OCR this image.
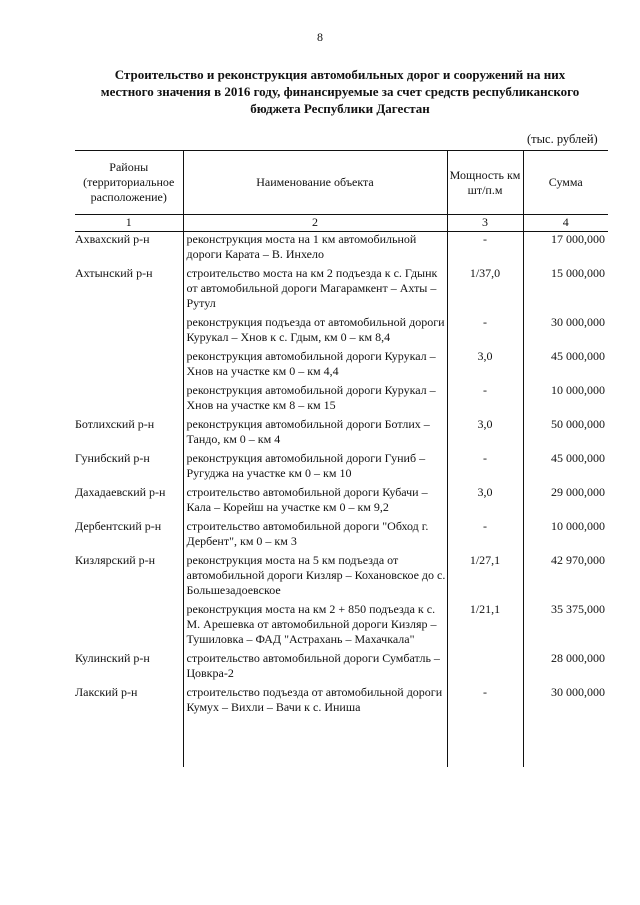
8
Строительство и реконструкция автомобильных дорог и сооружений на них
местного значения в 2016 году, финансируемые за счет средств республиканского
бюджета Республики Дагестан
(тыс. рублей)
Районы (территориальное расположение)	Наименование объекта	Мощность км шт/п.м	Сумма
1	2	3	4
Ахвахский р-н	реконструкция моста на 1 км автомобильной дороги Карата – В. Инхело	-	17 000,000
Ахтынский р-н	строительство моста на км 2 подъезда к с. Гдынк от автомобильной дороги Магарамкент – Ахты – Рутул	1/37,0	15 000,000
	реконструкция подъезда от автомобильной дороги Курукал – Хнов к с. Гдым, км 0 – км 8,4	-	30 000,000
	реконструкция автомобильной дороги Курукал – Хнов на участке км 0 – км 4,4	3,0	45 000,000
	реконструкция автомобильной дороги Курукал – Хнов на участке км 8 – км 15	-	10 000,000
Ботлихский р-н	реконструкция автомобильной дороги Ботлих – Тандо, км 0 – км 4	3,0	50 000,000
Гунибский р-н	реконструкция автомобильной дороги Гуниб – Ругуджа на участке км 0 – км 10	-	45 000,000
Дахадаевский р-н	строительство автомобильной дороги Кубачи – Кала – Корейш на участке км 0 – км 9,2	3,0	29 000,000
Дербентский р-н	строительство автомобильной дороги "Обход г. Дербент", км 0 – км 3	-	10 000,000
Кизлярский р-н	реконструкция моста на 5 км подъезда от автомобильной дороги Кизляр – Кохановское до с. Большезадоевское	1/27,1	42 970,000
	реконструкция моста на км 2 + 850 подъезда к с. М. Арешевка от автомобильной дороги Кизляр – Тушиловка – ФАД "Астрахань – Махачкала"	1/21,1	35 375,000
Кулинский р-н	строительство автомобильной дороги Сумбатль – Цовкра-2		28 000,000
Лакский р-н	строительство подъезда от автомобильной дороги Кумух – Вихли – Вачи к с. Иниша	-	30 000,000
